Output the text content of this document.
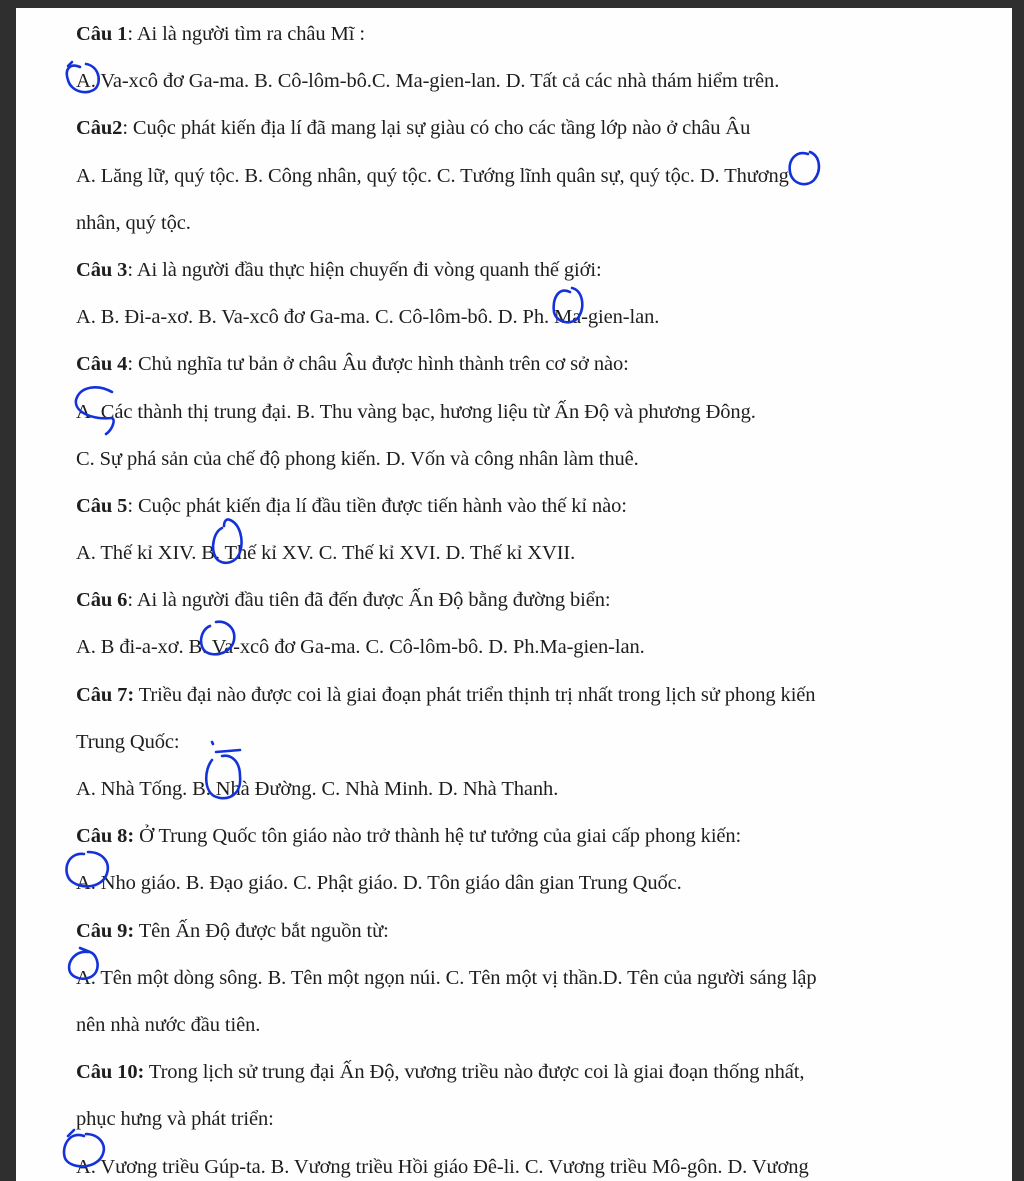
Câu 1: Ai là người tìm ra châu Mĩ :
A. Va-xcô đơ Ga-ma. B. Cô-lôm-bô.C. Ma-gien-lan. D. Tất cả các nhà thám hiểm trên.
Câu2: Cuộc phát kiến địa lí đã mang lại sự giàu có cho các tầng lớp nào ở châu Âu
A. Lăng lữ, quý tộc. B. Công nhân, quý tộc. C. Tướng lĩnh quân sự, quý tộc. D. Thương
nhân, quý tộc.
Câu 3: Ai là người đầu thực hiện chuyến đi vòng quanh thế giới:
A. B. Đi-a-xơ. B. Va-xcô đơ Ga-ma. C. Cô-lôm-bô. D. Ph. Ma-gien-lan.
Câu 4: Chủ nghĩa tư bản ở châu Âu được hình thành trên cơ sở nào:
A. Các thành thị trung đại. B. Thu vàng bạc, hương liệu từ Ấn Độ và phương Đông.
C. Sự phá sản của chế độ phong kiến. D. Vốn và công nhân làm thuê.
Câu 5: Cuộc phát kiến địa lí đầu tiền được tiến hành vào thế kỉ nào:
A. Thế kỉ XIV. B. Thế kỉ XV. C. Thế kỉ XVI. D. Thế kỉ XVII.
Câu 6: Ai là người đầu tiên đã đến được Ấn Độ bằng đường biển:
A. B đi-a-xơ. B. Va-xcô đơ Ga-ma. C. Cô-lôm-bô. D. Ph.Ma-gien-lan.
Câu 7: Triều đại nào được coi là giai đoạn phát triển thịnh trị nhất trong lịch sử phong kiến
Trung Quốc:
A. Nhà Tống. B. Nhà Đường. C. Nhà Minh. D. Nhà Thanh.
Câu 8: Ở Trung Quốc tôn giáo nào trở thành hệ tư tưởng của giai cấp phong kiến:
A. Nho giáo. B. Đạo giáo. C. Phật giáo. D. Tôn giáo dân gian Trung Quốc.
Câu 9: Tên Ấn Độ được bắt nguồn từ:
A. Tên một dòng sông. B. Tên một ngọn núi. C. Tên một vị thần.D. Tên của người sáng lập
nên nhà nước đầu tiên.
Câu 10: Trong lịch sử trung đại Ấn Độ, vương triều nào được coi là giai đoạn thống nhất,
phục hưng và phát triển:
A. Vương triều Gúp-ta. B. Vương triều Hồi giáo Đê-li. C. Vương triều Mô-gôn. D. Vương
